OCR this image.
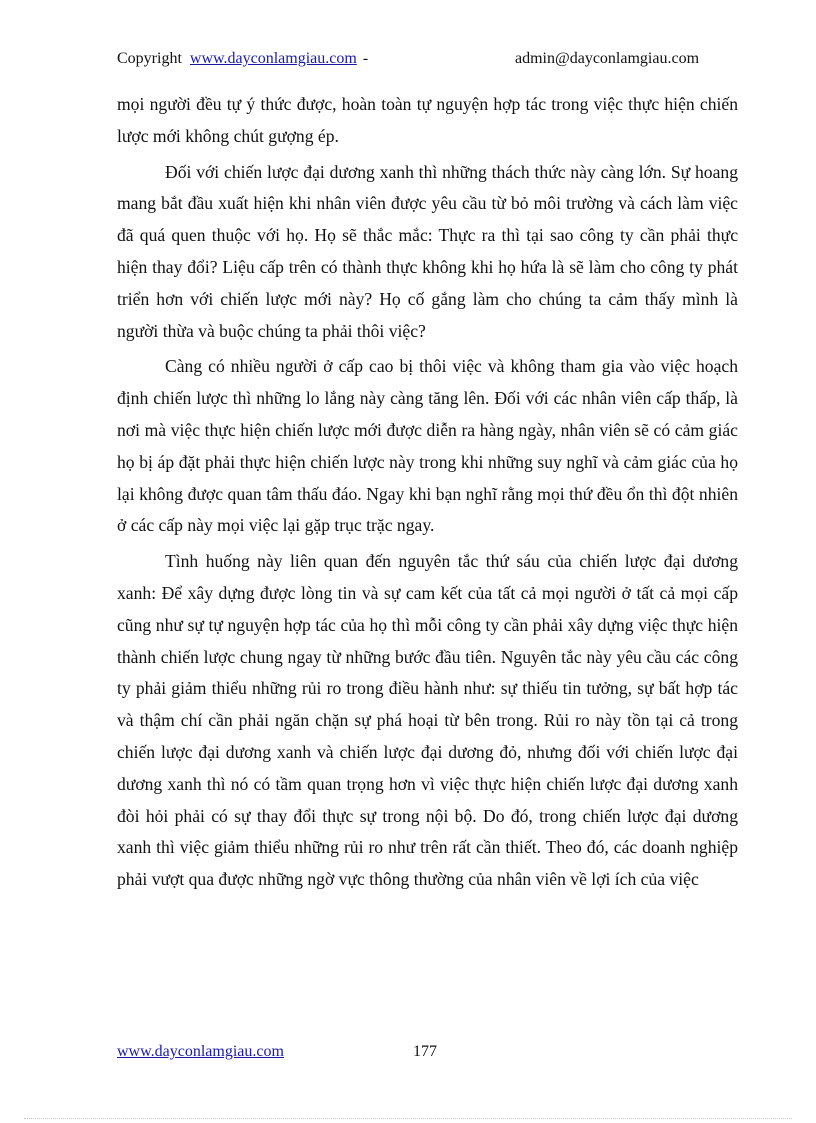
Copyright www.dayconlamgiau.com -	admin@dayconlamgiau.com

mọi người đều tự ý thức được, hoàn toàn tự nguyện hợp tác trong việc thực hiện chiến lược mới không chút gượng ép.

Đối với chiến lược đại dương xanh thì những thách thức này càng lớn. Sự hoang mang bắt đầu xuất hiện khi nhân viên được yêu cầu từ bỏ môi trường và cách làm việc đã quá quen thuộc với họ. Họ sẽ thắc mắc: Thực ra thì tại sao công ty cần phải thực hiện thay đổi? Liệu cấp trên có thành thực không khi họ hứa là sẽ làm cho công ty phát triển hơn với chiến lược mới này? Họ cố gắng làm cho chúng ta cảm thấy mình là người thừa và buộc chúng ta phải thôi việc?

Càng có nhiều người ở cấp cao bị thôi việc và không tham gia vào việc hoạch định chiến lược thì những lo lắng này càng tăng lên. Đối với các nhân viên cấp thấp, là nơi mà việc thực hiện chiến lược mới được diễn ra hàng ngày, nhân viên sẽ có cảm giác họ bị áp đặt phải thực hiện chiến lược này trong khi những suy nghĩ và cảm giác của họ lại không được quan tâm thấu đáo. Ngay khi bạn nghĩ rằng mọi thứ đều ổn thì đột nhiên ở các cấp này mọi việc lại gặp trục trặc ngay.

Tình huống này liên quan đến nguyên tắc thứ sáu của chiến lược đại dương xanh: Để xây dựng được lòng tin và sự cam kết của tất cả mọi người ở tất cả mọi cấp cũng như sự tự nguyện hợp tác của họ thì mỗi công ty cần phải xây dựng việc thực hiện thành chiến lược chung ngay từ những bước đầu tiên. Nguyên tắc này yêu cầu các công ty phải giảm thiểu những rủi ro trong điều hành như: sự thiếu tin tưởng, sự bất hợp tác và thậm chí cần phải ngăn chặn sự phá hoại từ bên trong. Rủi ro này tồn tại cả trong chiến lược đại dương xanh và chiến lược đại dương đỏ, nhưng đối với chiến lược đại dương xanh thì nó có tầm quan trọng hơn vì việc thực hiện chiến lược đại dương xanh đòi hỏi phải có sự thay đổi thực sự trong nội bộ. Do đó, trong chiến lược đại dương xanh thì việc giảm thiểu những rủi ro như trên rất cần thiết. Theo đó, các doanh nghiệp phải vượt qua được những ngờ vực thông thường của nhân viên về lợi ích của việc

www.dayconlamgiau.com	177
